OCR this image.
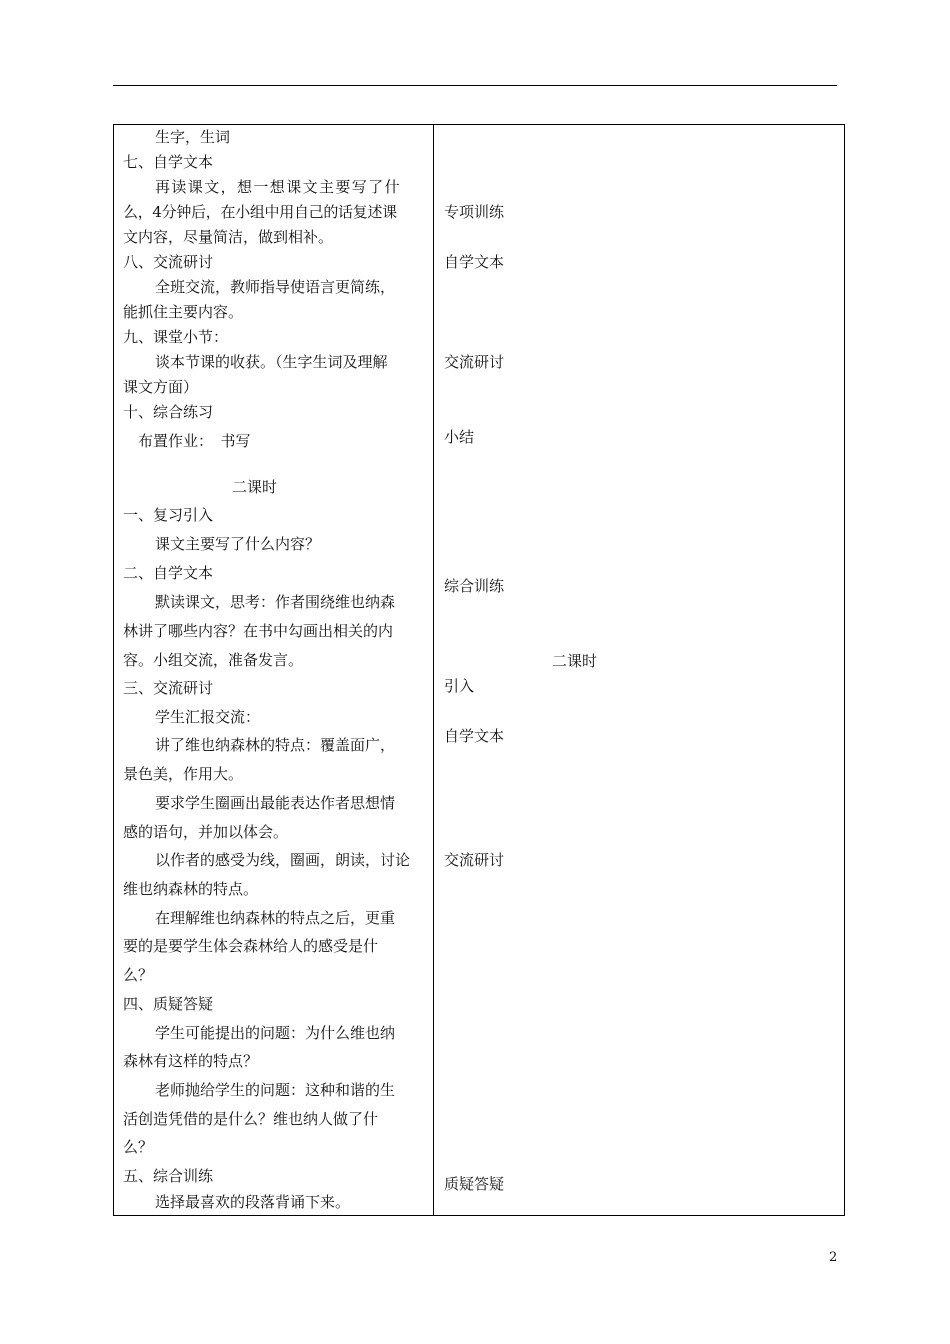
生字，生词
七、自学文本
再读课文，想一想课文主要写了什
么，4分钟后，在小组中用自己的话复述课
文内容，尽量简洁，做到相补。
八、交流研讨
全班交流，教师指导使语言更简练，
能抓住主要内容。
九、课堂小节：
谈本节课的收获。（生字生词及理解
课文方面）
十、综合练习
布置作业：　书写
二课时
一、复习引入
课文主要写了什么内容？
二、自学文本
默读课文，思考：作者围绕维也纳森
林讲了哪些内容？在书中勾画出相关的内
容。小组交流，准备发言。
三、交流研讨
学生汇报交流：
讲了维也纳森林的特点：覆盖面广，
景色美，作用大。
要求学生圈画出最能表达作者思想情
感的语句，并加以体会。
以作者的感受为线，圈画，朗读，讨论
维也纳森林的特点。
在理解维也纳森林的特点之后，更重
要的是要学生体会森林给人的感受是什
么？
四、质疑答疑
学生可能提出的问题：为什么维也纳
森林有这样的特点？
老师抛给学生的问题：这种和谐的生
活创造凭借的是什么？维也纳人做了什
么？
五、综合训练
选择最喜欢的段落背诵下来。
专项训练
自学文本
交流研讨
小结
综合训练
二课时
引入
自学文本
交流研讨
质疑答疑
2
